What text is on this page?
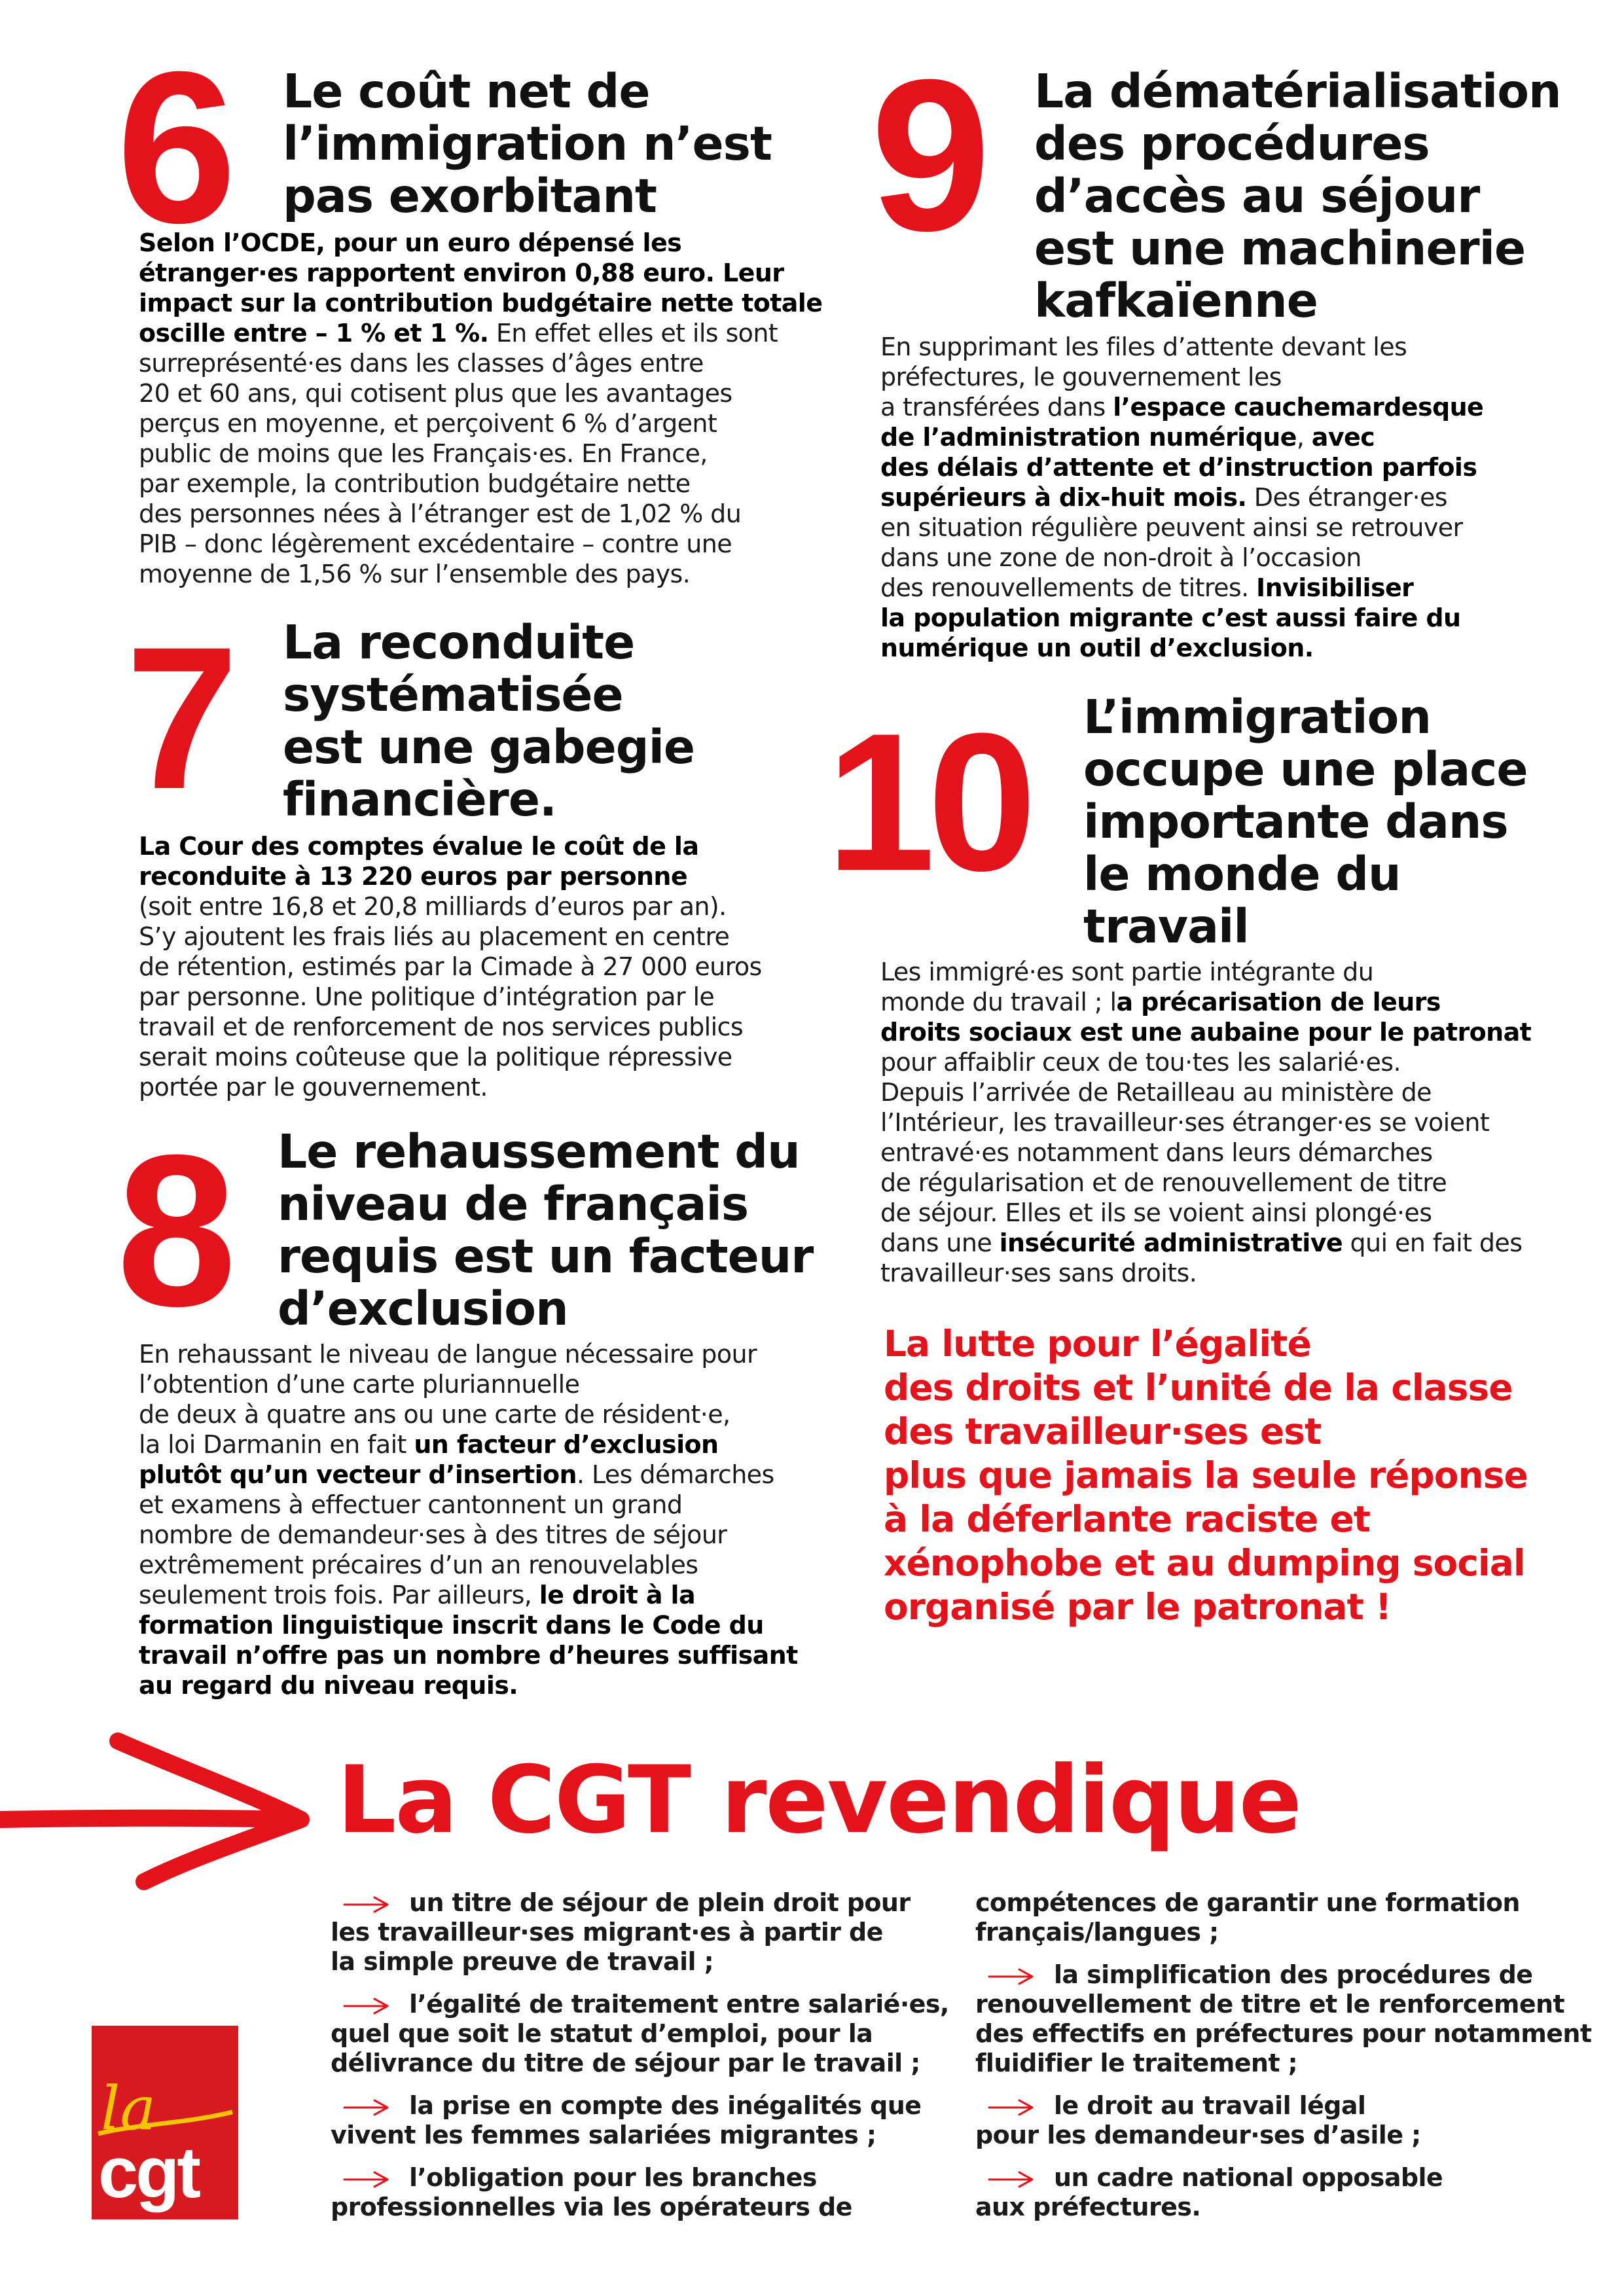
6 Le coût net de
l’immigration n’est
pas exorbitant
Selon l’OCDE, pour un euro dépensé les
étranger·es rapportent environ 0,88 euro. Leur
impact sur la contribution budgétaire nette totale
oscille entre – 1 % et 1 %. En effet elles et ils sont
surreprésenté·es dans les classes d’âges entre
20 et 60 ans, qui cotisent plus que les avantages
perçus en moyenne, et perçoivent 6 % d’argent
public de moins que les Français·es. En France,
par exemple, la contribution budgétaire nette
des personnes nées à l’étranger est de 1,02 % du
PIB – donc légèrement excédentaire – contre une
moyenne de 1,56 % sur l’ensemble des pays.
7 La reconduite
systématisée
est une gabegie
financière.
La Cour des comptes évalue le coût de la
reconduite à 13 220 euros par personne
(soit entre 16,8 et 20,8 milliards d’euros par an).
S’y ajoutent les frais liés au placement en centre
de rétention, estimés par la Cimade à 27 000 euros
par personne. Une politique d’intégration par le
travail et de renforcement de nos services publics
serait moins coûteuse que la politique répressive
portée par le gouvernement.
8 Le rehaussement du
niveau de français
requis est un facteur
d’exclusion
En rehaussant le niveau de langue nécessaire pour
l’obtention d’une carte pluriannuelle
de deux à quatre ans ou une carte de résident·e,
la loi Darmanin en fait un facteur d’exclusion
plutôt qu’un vecteur d’insertion. Les démarches
et examens à effectuer cantonnent un grand
nombre de demandeur·ses à des titres de séjour
extrêmement précaires d’un an renouvelables
seulement trois fois. Par ailleurs, le droit à la
formation linguistique inscrit dans le Code du
travail n’offre pas un nombre d’heures suffisant
au regard du niveau requis.
9 La dématérialisation
des procédures
d’accès au séjour
est une machinerie
kafkaïenne
En supprimant les files d’attente devant les
préfectures, le gouvernement les
a transférées dans l’espace cauchemardesque
de l’administration numérique, avec
des délais d’attente et d’instruction parfois
supérieurs à dix-huit mois. Des étranger·es
en situation régulière peuvent ainsi se retrouver
dans une zone de non-droit à l’occasion
des renouvellements de titres. Invisibiliser
la population migrante c’est aussi faire du
numérique un outil d’exclusion.
10 L’immigration
occupe une place
importante dans
le monde du
travail
Les immigré·es sont partie intégrante du
monde du travail ; la précarisation de leurs
droits sociaux est une aubaine pour le patronat
pour affaiblir ceux de tou·tes les salarié·es.
Depuis l’arrivée de Retailleau au ministère de
l’Intérieur, les travailleur·ses étranger·es se voient
entravé·es notamment dans leurs démarches
de régularisation et de renouvellement de titre
de séjour. Elles et ils se voient ainsi plongé·es
dans une insécurité administrative qui en fait des
travailleur·ses sans droits.
La lutte pour l’égalité
des droits et l’unité de la classe
des travailleur·ses est
plus que jamais la seule réponse
à la déferlante raciste et
xénophobe et au dumping social
organisé par le patronat !
La CGT revendique
un titre de séjour de plein droit pour
les travailleur·ses migrant·es à partir de
la simple preuve de travail ;
l’égalité de traitement entre salarié·es,
quel que soit le statut d’emploi, pour la
délivrance du titre de séjour par le travail ;
la prise en compte des inégalités que
vivent les femmes salariées migrantes ;
l’obligation pour les branches
professionnelles via les opérateurs de
compétences de garantir une formation
français/langues ;
la simplification des procédures de
renouvellement de titre et le renforcement
des effectifs en préfectures pour notamment
fluidifier le traitement ;
le droit au travail légal
pour les demandeur·ses d’asile ;
un cadre national opposable
aux préfectures.
la
cgt
